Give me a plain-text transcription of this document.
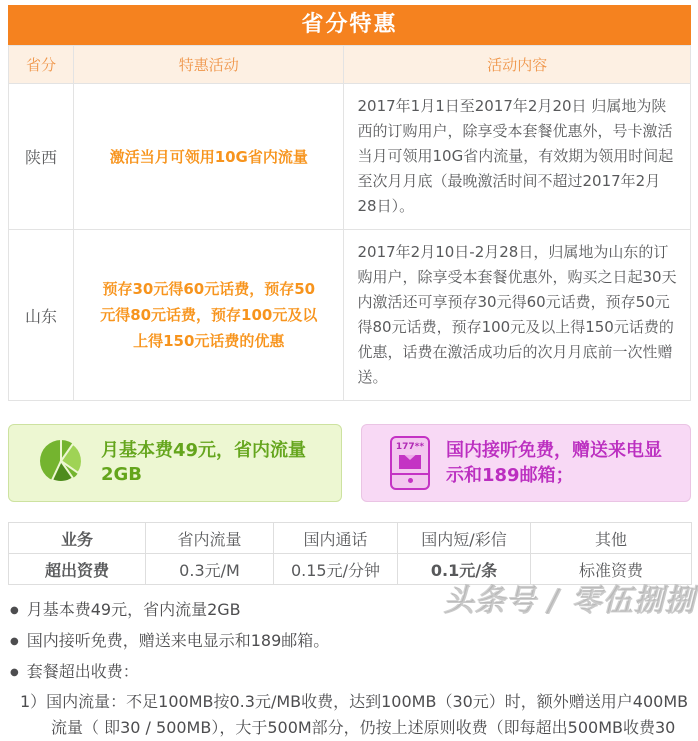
省分特惠
省分	特惠活动	活动内容
陕西	激活当月可领用10G省内流量	2017年1月1日至2017年2月20日 归属地为陕西的订购用户，除享受本套餐优惠外，号卡激活当月可领用10G省内流量，有效期为领用时间起至次月月底（最晚激活时间不超过2017年2月28日）。
山东	预存30元得60元话费，预存50元得80元话费，预存100元及以上得150元话费的优惠	2017年2月10日-2月28日，归属地为山东的订购用户，除享受本套餐优惠外，购买之日起30天内激活还可享预存30元得60元话费，预存50元得80元话费，预存100元及以上得150元话费的优惠，话费在激活成功后的次月月底前一次性赠送。
月基本费49元，省内流量2GB
177** 国内接听免费，赠送来电显示和189邮箱；
业务	省内流量	国内通话	国内短/彩信	其他
超出资费	0.3元/M	0.15元/分钟	0.1元/条	标准资费
● 月基本费49元，省内流量2GB
● 国内接听免费，赠送来电显示和189邮箱。
● 套餐超出收费：
1）国内流量：不足100MB按0.3元/MB收费，达到100MB（30元）时，额外赠送用户400MB流量（ 即30 / 500MB），大于500M部分，仍按上述原则收费（即每超出500MB收费30
头条号 / 零伍捌捌
